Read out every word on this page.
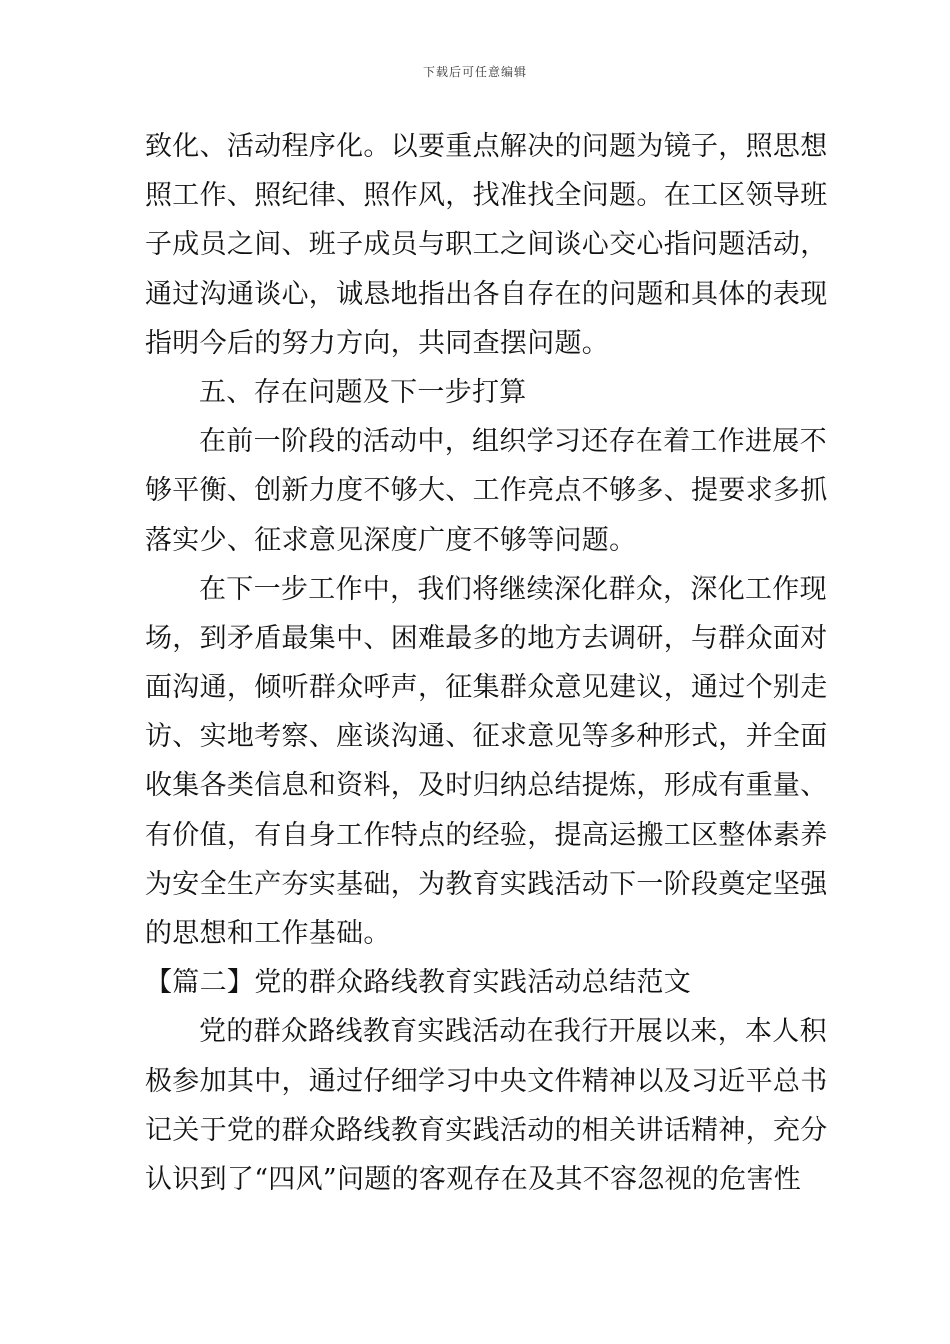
下载后可任意编辑
致化、活动程序化。以要重点解决的问题为镜子，照思想
照工作、照纪律、照作风，找准找全问题。在工区领导班
子成员之间、班子成员与职工之间谈心交心指问题活动，
通过沟通谈心，诚恳地指出各自存在的问题和具体的表现
指明今后的努力方向，共同查摆问题。
五、存在问题及下一步打算
在前一阶段的活动中，组织学习还存在着工作进展不
够平衡、创新力度不够大、工作亮点不够多、提要求多抓
落实少、征求意见深度广度不够等问题。
在下一步工作中，我们将继续深化群众，深化工作现
场，到矛盾最集中、困难最多的地方去调研，与群众面对
面沟通，倾听群众呼声，征集群众意见建议，通过个别走
访、实地考察、座谈沟通、征求意见等多种形式，并全面
收集各类信息和资料，及时归纳总结提炼，形成有重量、
有价值，有自身工作特点的经验，提高运搬工区整体素养
为安全生产夯实基础，为教育实践活动下一阶段奠定坚强
的思想和工作基础。
【篇二】党的群众路线教育实践活动总结范文
党的群众路线教育实践活动在我行开展以来，本人积
极参加其中，通过仔细学习中央文件精神以及习近平总书
记关于党的群众路线教育实践活动的相关讲话精神，充分
认识到了“四风”问题的客观存在及其不容忽视的危害性
